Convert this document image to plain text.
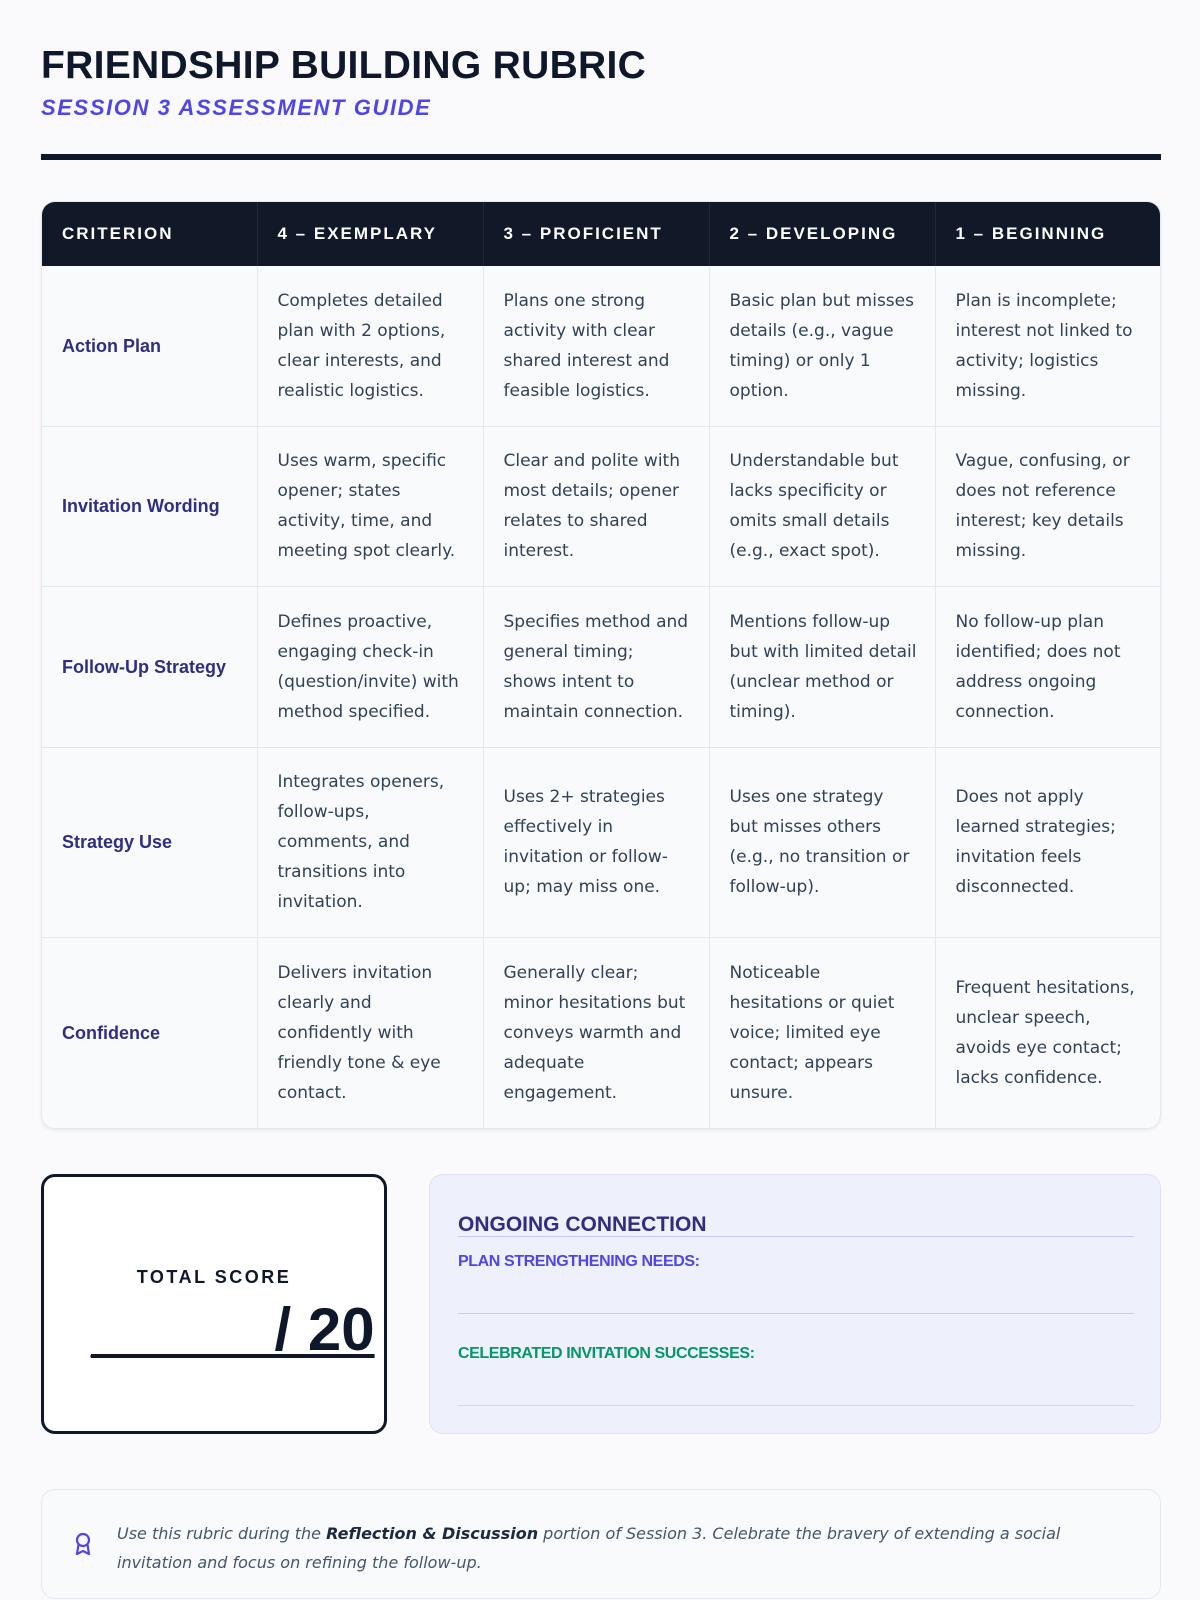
FRIENDSHIP BUILDING RUBRIC
SESSION 3 ASSESSMENT GUIDE
CRITERION	4 – EXEMPLARY	3 – PROFICIENT	2 – DEVELOPING	1 – BEGINNING
Action Plan	Completes detailed plan with 2 options, clear interests, and realistic logistics.	Plans one strong activity with clear shared interest and feasible logistics.	Basic plan but misses details (e.g., vague timing) or only 1 option.	Plan is incomplete; interest not linked to activity; logistics missing.
Invitation Wording	Uses warm, specific opener; states activity, time, and meeting spot clearly.	Clear and polite with most details; opener relates to shared interest.	Understandable but lacks specificity or omits small details (e.g., exact spot).	Vague, confusing, or does not reference interest; key details missing.
Follow-Up Strategy	Defines proactive, engaging check-in (question/invite) with method specified.	Specifies method and general timing; shows intent to maintain connection.	Mentions follow-up but with limited detail (unclear method or timing).	No follow-up plan identified; does not address ongoing connection.
Strategy Use	Integrates openers, follow-ups, comments, and transitions into invitation.	Uses 2+ strategies effectively in invitation or follow-up; may miss one.	Uses one strategy but misses others (e.g., no transition or follow-up).	Does not apply learned strategies; invitation feels disconnected.
Confidence	Delivers invitation clearly and confidently with friendly tone & eye contact.	Generally clear; minor hesitations but conveys warmth and adequate engagement.	Noticeable hesitations or quiet voice; limited eye contact; appears unsure.	Frequent hesitations, unclear speech, avoids eye contact; lacks confidence.
TOTAL SCORE
_____ / 20
ONGOING CONNECTION
PLAN STRENGTHENING NEEDS:
CELEBRATED INVITATION SUCCESSES:

Use this rubric during the Reflection & Discussion portion of Session 3. Celebrate the bravery of extending a social invitation and focus on refining the follow-up.
